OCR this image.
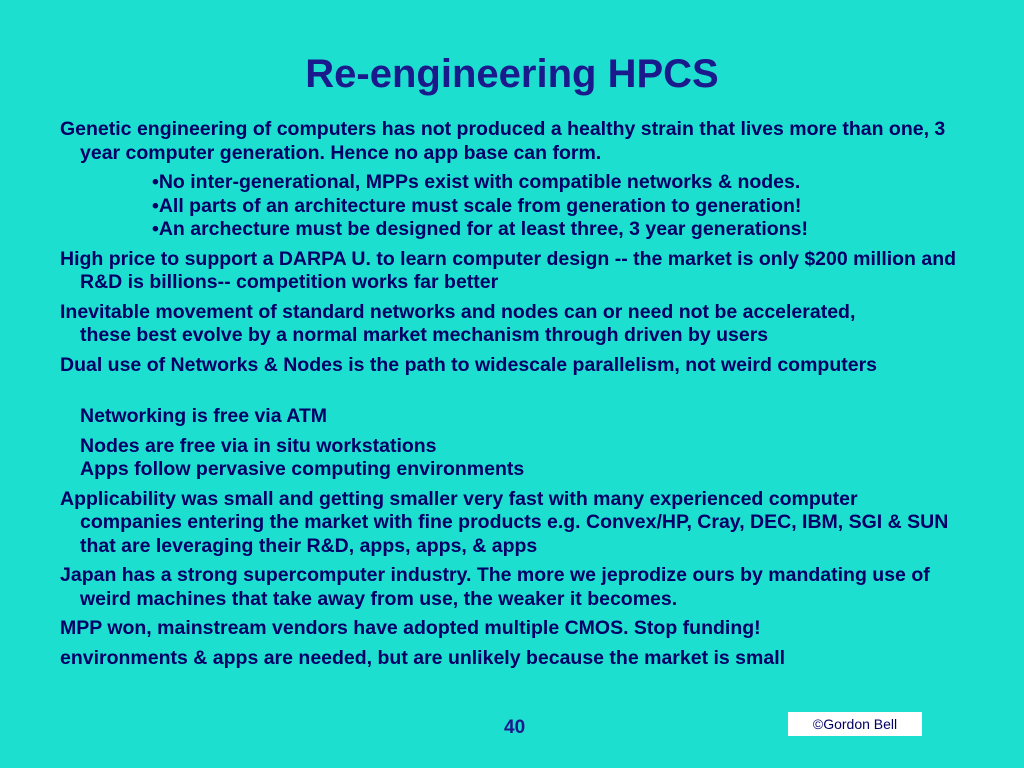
Re-engineering HPCS

Genetic engineering of computers has not produced a healthy strain that lives more than one, 3 year computer generation. Hence no app base can form.

•No inter-generational, MPPs exist with compatible networks & nodes.

•All parts of an architecture must scale from generation to generation!

•An archecture must be designed for at least three, 3 year generations!

High price to support a DARPA U. to learn computer design -- the market is only $200 million and R&D is billions-- competition works far better

Inevitable movement of standard networks and nodes can or need not be accelerated,

these best evolve by a normal market mechanism through driven by users

Dual use of Networks & Nodes is the path to widescale parallelism, not weird computers

Networking is free via ATM

Nodes are free via in situ workstations

Apps follow pervasive computing environments

Applicability was small and getting smaller very fast with many experienced computer companies entering the market with fine products e.g. Convex/HP, Cray, DEC, IBM, SGI & SUN that are leveraging their R&D, apps, apps, & apps

Japan has a strong supercomputer industry. The more we jeprodize ours by mandating use of weird machines that take away from use, the weaker it becomes.

MPP won, mainstream vendors have adopted multiple CMOS. Stop funding!

environments & apps are needed, but are unlikely because the market is small

©Gordon Bell
40
